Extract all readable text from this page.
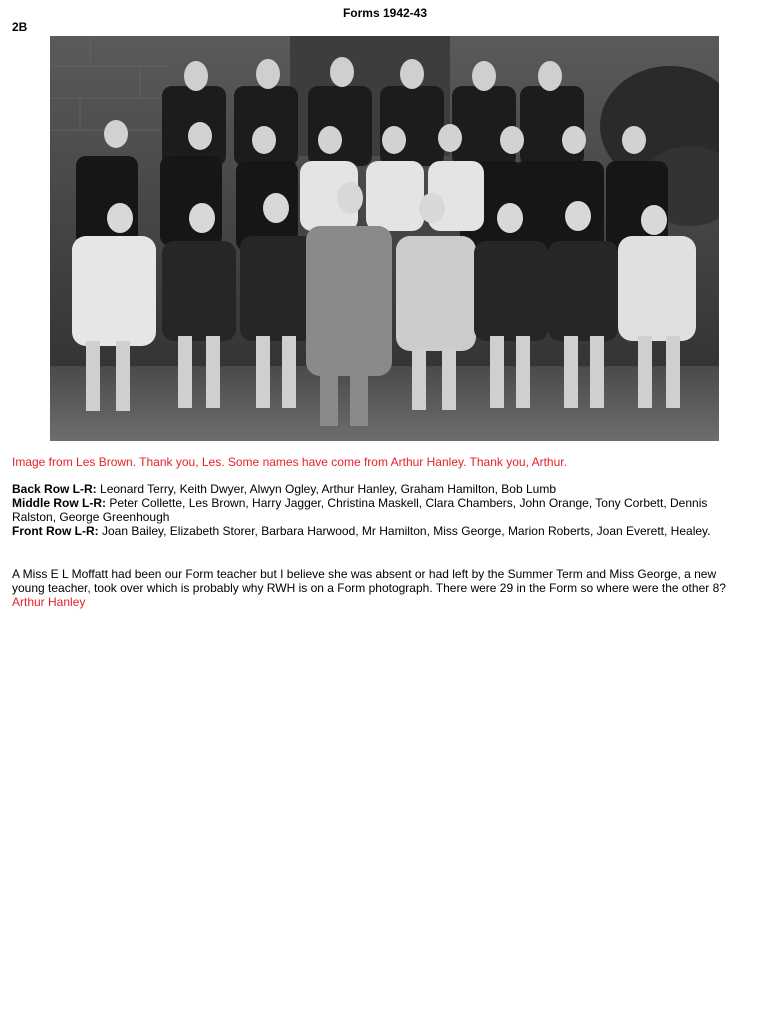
Forms 1942-43
2B

Image from Les Brown. Thank you, Les. Some names have come from Arthur Hanley. Thank you, Arthur.

Back Row L-R: Leonard Terry, Keith Dwyer, Alwyn Ogley, Arthur Hanley, Graham Hamilton, Bob Lumb

Middle Row L-R: Peter Collette, Les Brown, Harry Jagger, Christina Maskell, Clara Chambers, John Orange, Tony Corbett, Dennis Ralston, George Greenhough

Front Row L-R: Joan Bailey, Elizabeth Storer, Barbara Harwood, Mr Hamilton, Miss George, Marion Roberts, Joan Everett, Healey.

A Miss E L Moffatt had been our Form teacher but I believe she was absent or had left by the Summer Term and Miss George, a new young teacher, took over which is probably why RWH is on a Form photograph. There were 29 in the Form so where were the other 8?
Arthur Hanley
